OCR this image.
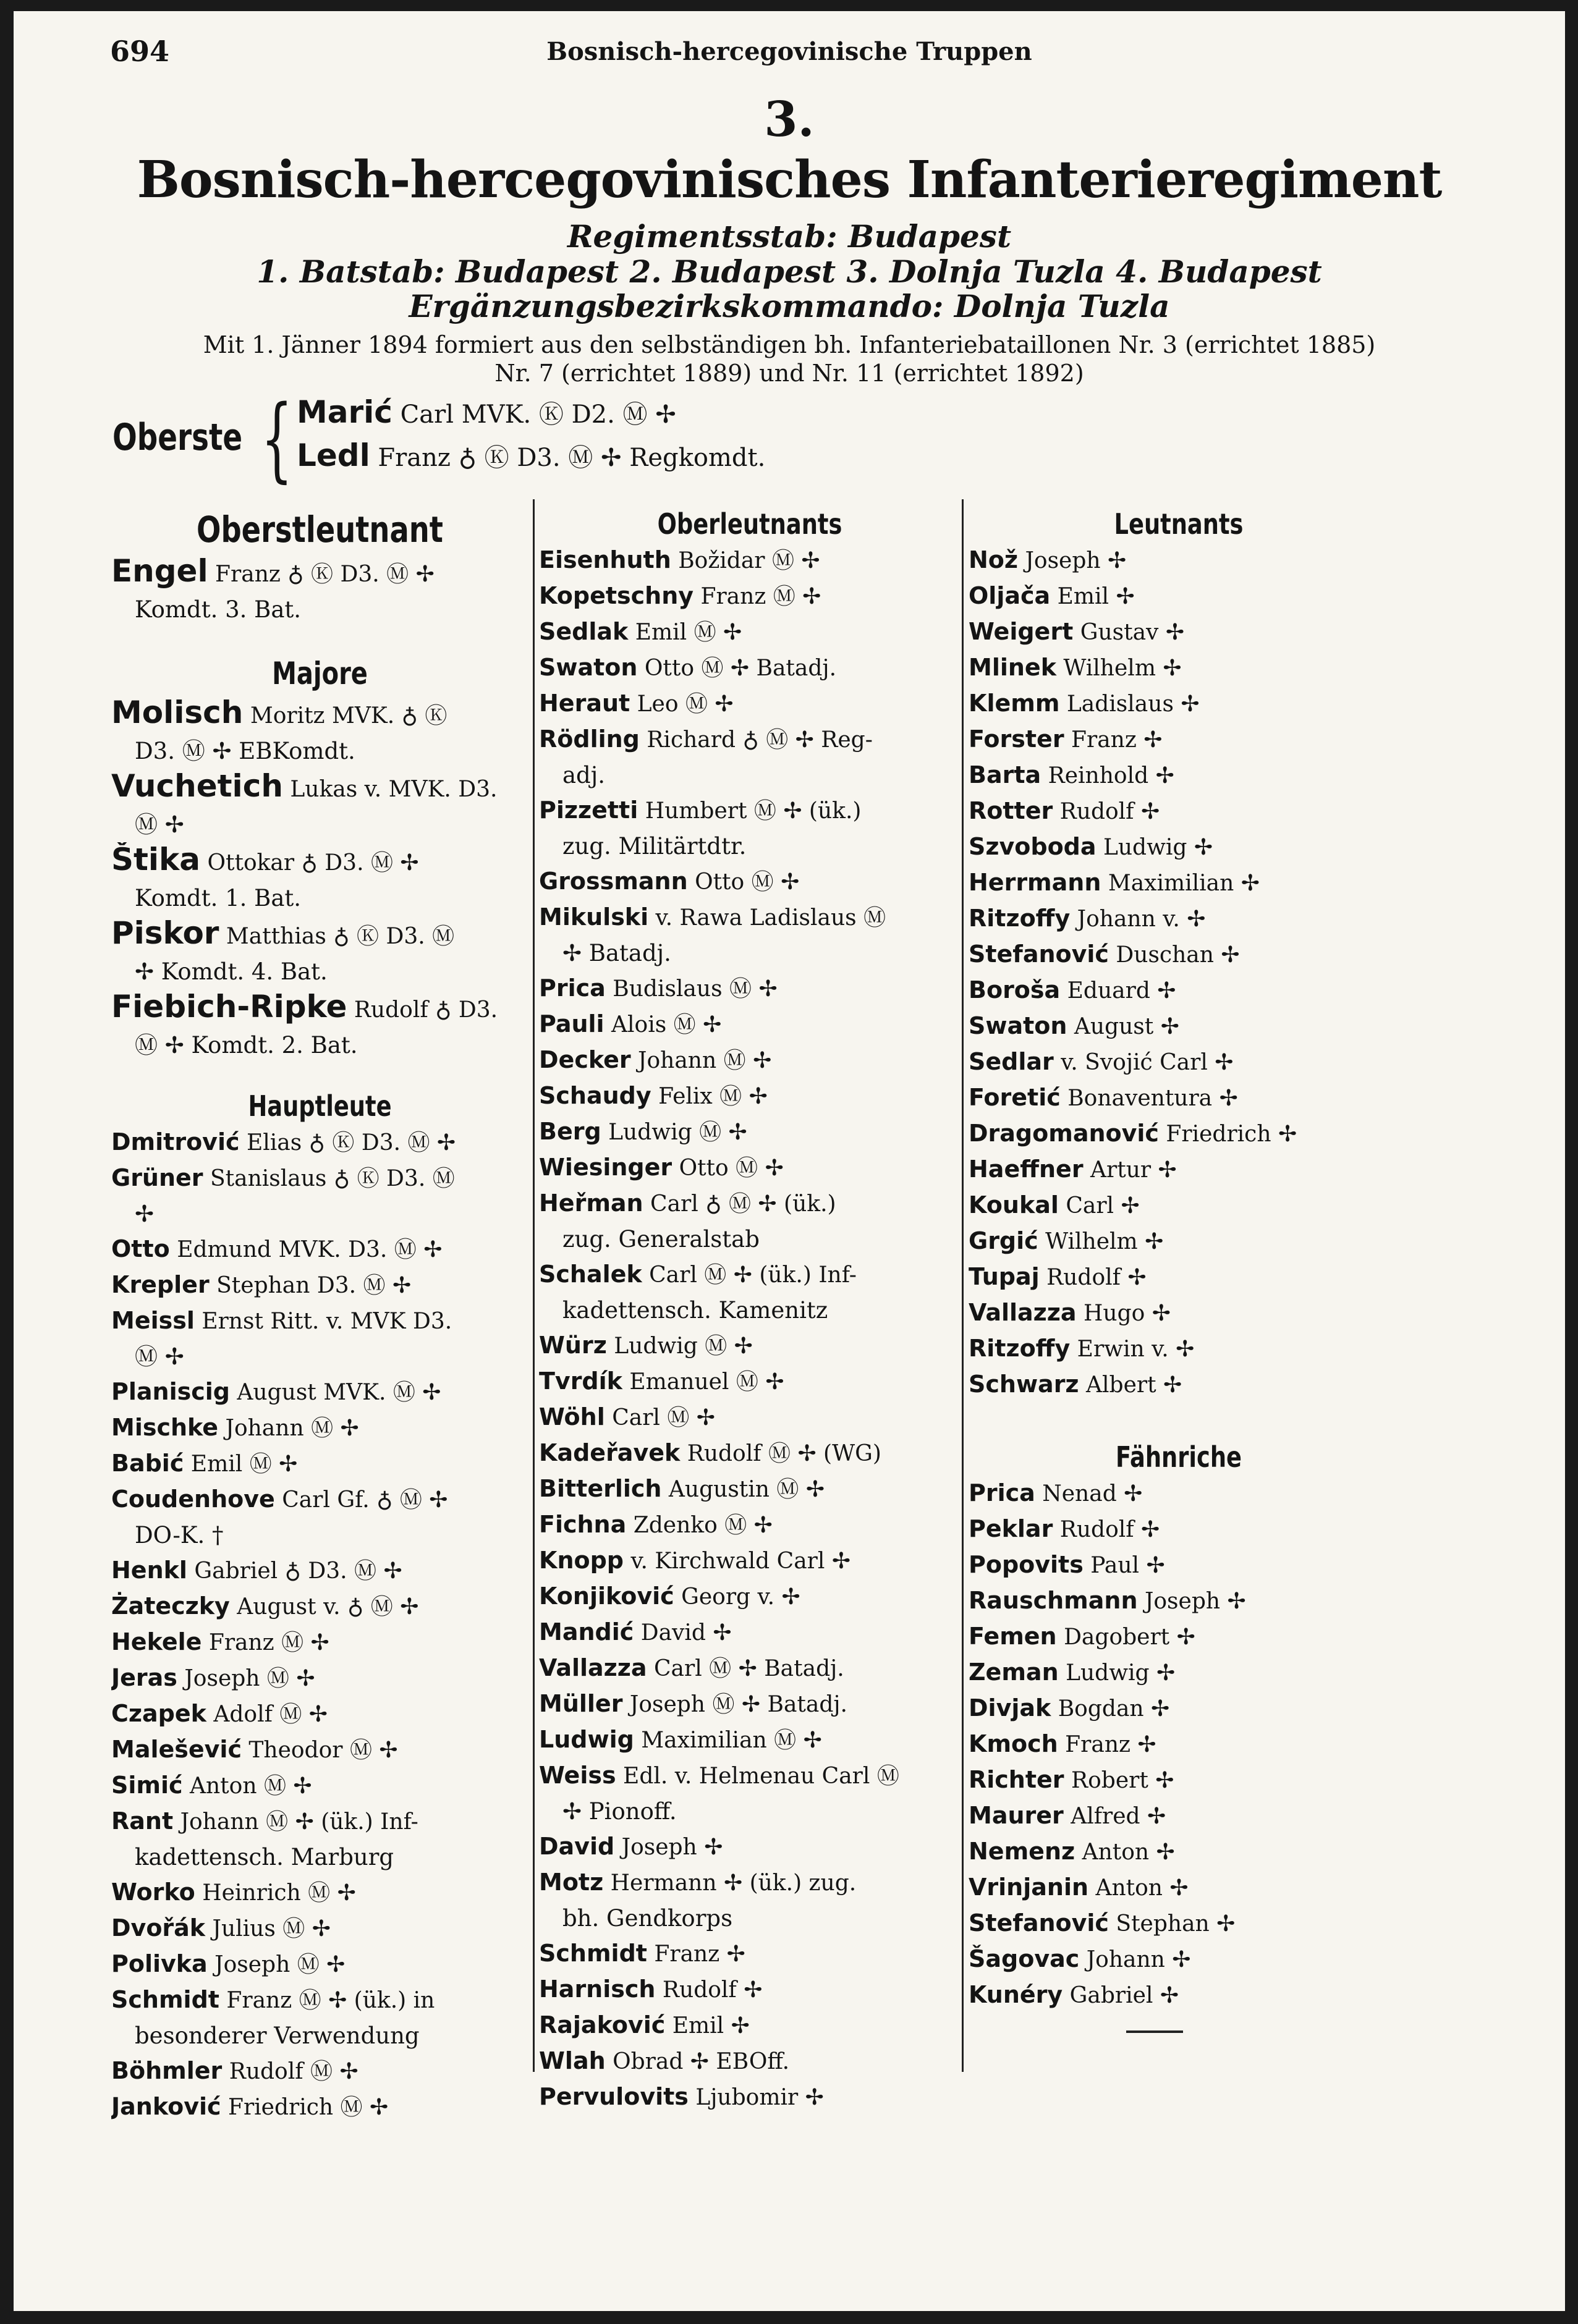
694	Bosnisch-hercegovinische Truppen
3.
Bosnisch-hercegovinisches Infanterieregiment
Regimentsstab: Budapest
1. Batstab: Budapest 2. Budapest 3. Dolnja Tuzla 4. Budapest
Ergänzungsbezirkskommando: Dolnja Tuzla
Mit 1. Jänner 1894 formiert aus den selbständigen bh. Infanteriebataillonen Nr. 3 (errichtet 1885)
Nr. 7 (errichtet 1889) und Nr. 11 (errichtet 1892)
Oberste { Marić Carl MVK. Ⓚ D2. Ⓜ ✢
Ledl Franz ♁ Ⓚ D3. Ⓜ ✢ Regkomdt.
Oberstleutnant
Engel Franz ♁ Ⓚ D3. Ⓜ ✢
Komdt. 3. Bat.
Majore
Molisch Moritz MVK. ♁ Ⓚ
D3. Ⓜ ✢ EBKomdt.
Vuchetich Lukas v. MVK. D3.
Ⓜ ✢
Štika Ottokar ♁ D3. Ⓜ ✢
Komdt. 1. Bat.
Piskor Matthias ♁ Ⓚ D3. Ⓜ
✢ Komdt. 4. Bat.
Fiebich-Ripke Rudolf ♁ D3.
Ⓜ ✢ Komdt. 2. Bat.
Hauptleute
Dmitrović Elias ♁ Ⓚ D3. Ⓜ ✢
Grüner Stanislaus ♁ Ⓚ D3. Ⓜ
✢
Otto Edmund MVK. D3. Ⓜ ✢
Krepler Stephan D3. Ⓜ ✢
Meissl Ernst Ritt. v. MVK D3.
Ⓜ ✢
Planiscig August MVK. Ⓜ ✢
Mischke Johann Ⓜ ✢
Babić Emil Ⓜ ✢
Coudenhove Carl Gf. ♁ Ⓜ ✢
DO-K. †
Henkl Gabriel ♁ D3. Ⓜ ✢
Żateczky August v. ♁ Ⓜ ✢
Hekele Franz Ⓜ ✢
Jeras Joseph Ⓜ ✢
Czapek Adolf Ⓜ ✢
Malešević Theodor Ⓜ ✢
Simić Anton Ⓜ ✢
Rant Johann Ⓜ ✢ (ük.) Inf-
kadettensch. Marburg
Worko Heinrich Ⓜ ✢
Dvořák Julius Ⓜ ✢
Polivka Joseph Ⓜ ✢
Schmidt Franz Ⓜ ✢ (ük.) in
besonderer Verwendung
Böhmler Rudolf Ⓜ ✢
Janković Friedrich Ⓜ ✢
Oberleutnants
Eisenhuth Božidar Ⓜ ✢
Kopetschny Franz Ⓜ ✢
Sedlak Emil Ⓜ ✢
Swaton Otto Ⓜ ✢ Batadj.
Heraut Leo Ⓜ ✢
Rödling Richard ♁ Ⓜ ✢ Reg-
adj.
Pizzetti Humbert Ⓜ ✢ (ük.)
zug. Militärtdtr.
Grossmann Otto Ⓜ ✢
Mikulski v. Rawa Ladislaus Ⓜ
✢ Batadj.
Prica Budislaus Ⓜ ✢
Pauli Alois Ⓜ ✢
Decker Johann Ⓜ ✢
Schaudy Felix Ⓜ ✢
Berg Ludwig Ⓜ ✢
Wiesinger Otto Ⓜ ✢
Heřman Carl ♁ Ⓜ ✢ (ük.)
zug. Generalstab
Schalek Carl Ⓜ ✢ (ük.) Inf-
kadettensch. Kamenitz
Würz Ludwig Ⓜ ✢
Tvrdík Emanuel Ⓜ ✢
Wöhl Carl Ⓜ ✢
Kadeřavek Rudolf Ⓜ ✢ (WG)
Bitterlich Augustin Ⓜ ✢
Fichna Zdenko Ⓜ ✢
Knopp v. Kirchwald Carl ✢
Konjiković Georg v. ✢
Mandić David ✢
Vallazza Carl Ⓜ ✢ Batadj.
Müller Joseph Ⓜ ✢ Batadj.
Ludwig Maximilian Ⓜ ✢
Weiss Edl. v. Helmenau Carl Ⓜ
✢ Pionoff.
David Joseph ✢
Motz Hermann ✢ (ük.) zug.
bh. Gendkorps
Schmidt Franz ✢
Harnisch Rudolf ✢
Rajaković Emil ✢
Wlah Obrad ✢ EBOff.
Pervulovits Ljubomir ✢
Leutnants
Nož Joseph ✢
Oljača Emil ✢
Weigert Gustav ✢
Mlinek Wilhelm ✢
Klemm Ladislaus ✢
Forster Franz ✢
Barta Reinhold ✢
Rotter Rudolf ✢
Szvoboda Ludwig ✢
Herrmann Maximilian ✢
Ritzoffy Johann v. ✢
Stefanović Duschan ✢
Boroša Eduard ✢
Swaton August ✢
Sedlar v. Svojić Carl ✢
Foretić Bonaventura ✢
Dragomanović Friedrich ✢
Haeffner Artur ✢
Koukal Carl ✢
Grgić Wilhelm ✢
Tupaj Rudolf ✢
Vallazza Hugo ✢
Ritzoffy Erwin v. ✢
Schwarz Albert ✢
Fähnriche
Prica Nenad ✢
Peklar Rudolf ✢
Popovits Paul ✢
Rauschmann Joseph ✢
Femen Dagobert ✢
Zeman Ludwig ✢
Divjak Bogdan ✢
Kmoch Franz ✢
Richter Robert ✢
Maurer Alfred ✢
Nemenz Anton ✢
Vrinjanin Anton ✢
Stefanović Stephan ✢
Šagovac Johann ✢
Kunéry Gabriel ✢
